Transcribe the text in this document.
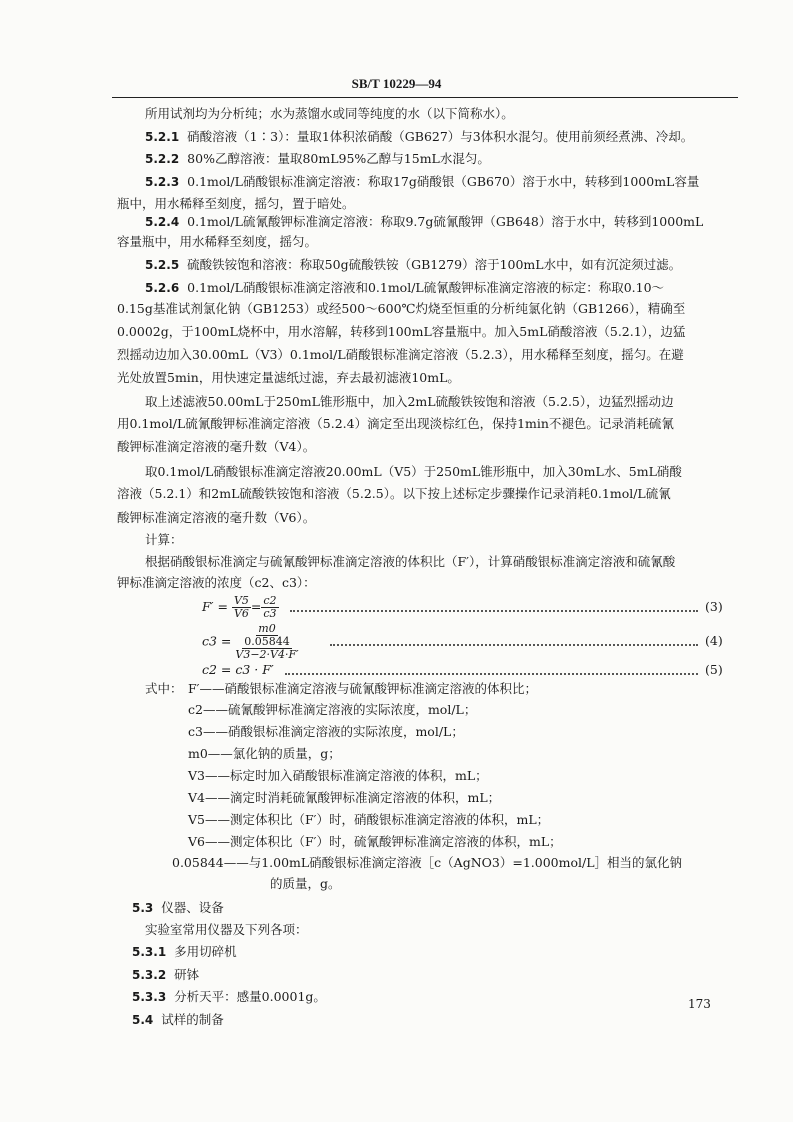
SB/T 10229—94
所用试剂均为分析纯；水为蒸馏水或同等纯度的水（以下简称水）。
5.2.1 硝酸溶液（1∶3）：量取1体积浓硝酸（GB627）与3体积水混匀。使用前须经煮沸、冷却。
5.2.2 80%乙醇溶液：量取80mL95%乙醇与15mL水混匀。
5.2.3 0.1mol/L硝酸银标准滴定溶液：称取17g硝酸银（GB670）溶于水中，转移到1000mL容量
瓶中，用水稀释至刻度，摇匀，置于暗处。
5.2.4 0.1mol/L硫氰酸钾标准滴定溶液：称取9.7g硫氰酸钾（GB648）溶于水中，转移到1000mL
容量瓶中，用水稀释至刻度，摇匀。
5.2.5 硫酸铁铵饱和溶液：称取50g硫酸铁铵（GB1279）溶于100mL水中，如有沉淀须过滤。
5.2.6 0.1mol/L硝酸银标准滴定溶液和0.1mol/L硫氰酸钾标准滴定溶液的标定：称取0.10～
0.15g基准试剂氯化钠（GB1253）或经500～600℃灼烧至恒重的分析纯氯化钠（GB1266），精确至
0.0002g，于100mL烧杯中，用水溶解，转移到100mL容量瓶中。加入5mL硝酸溶液（5.2.1），边猛
烈摇动边加入30.00mL（V3）0.1mol/L硝酸银标准滴定溶液（5.2.3），用水稀释至刻度，摇匀。在避
光处放置5min，用快速定量滤纸过滤，弃去最初滤液10mL。
取上述滤液50.00mL于250mL锥形瓶中，加入2mL硫酸铁铵饱和溶液（5.2.5），边猛烈摇动边
用0.1mol/L硫氰酸钾标准滴定溶液（5.2.4）滴定至出现淡棕红色，保持1min不褪色。记录消耗硫氰
酸钾标准滴定溶液的毫升数（V4）。
取0.1mol/L硝酸银标准滴定溶液20.00mL（V5）于250mL锥形瓶中，加入30mL水、5mL硝酸
溶液（5.2.1）和2mL硫酸铁铵饱和溶液（5.2.5）。以下按上述标定步骤操作记录消耗0.1mol/L硫氰
酸钾标准滴定溶液的毫升数（V6）。
计算：
根据硝酸银标准滴定与硫氰酸钾标准滴定溶液的体积比（F′），计算硝酸银标准滴定溶液和硫氰酸
钾标准滴定溶液的浓度（c2、c3）：
$F' = \frac{V5}{V6} = \frac{c2}{c3}$	(3)
$c3 = \frac{\frac{m0}{0.05844}}{V3-2\cdot V4\cdot F'}$	(4)
c2 = c3 · F′	(5)
式中： F′——硝酸银标准滴定溶液与硫氰酸钾标准滴定溶液的体积比；
c2——硫氰酸钾标准滴定溶液的实际浓度，mol/L；
c3——硝酸银标准滴定溶液的实际浓度，mol/L；
m0——氯化钠的质量，g；
V3——标定时加入硝酸银标准滴定溶液的体积，mL；
V4——滴定时消耗硫氰酸钾标准滴定溶液的体积，mL；
V5——测定体积比（F′）时，硝酸银标准滴定溶液的体积，mL；
V6——测定体积比（F′）时，硫氰酸钾标准滴定溶液的体积，mL；
0.05844——与1.00mL硝酸银标准滴定溶液［c（AgNO3）=1.000mol/L］相当的氯化钠
的质量，g。
5.3 仪器、设备
实验室常用仪器及下列各项：
5.3.1 多用切碎机
5.3.2 研钵
5.3.3 分析天平：感量0.0001g。
5.4 试样的制备
173
